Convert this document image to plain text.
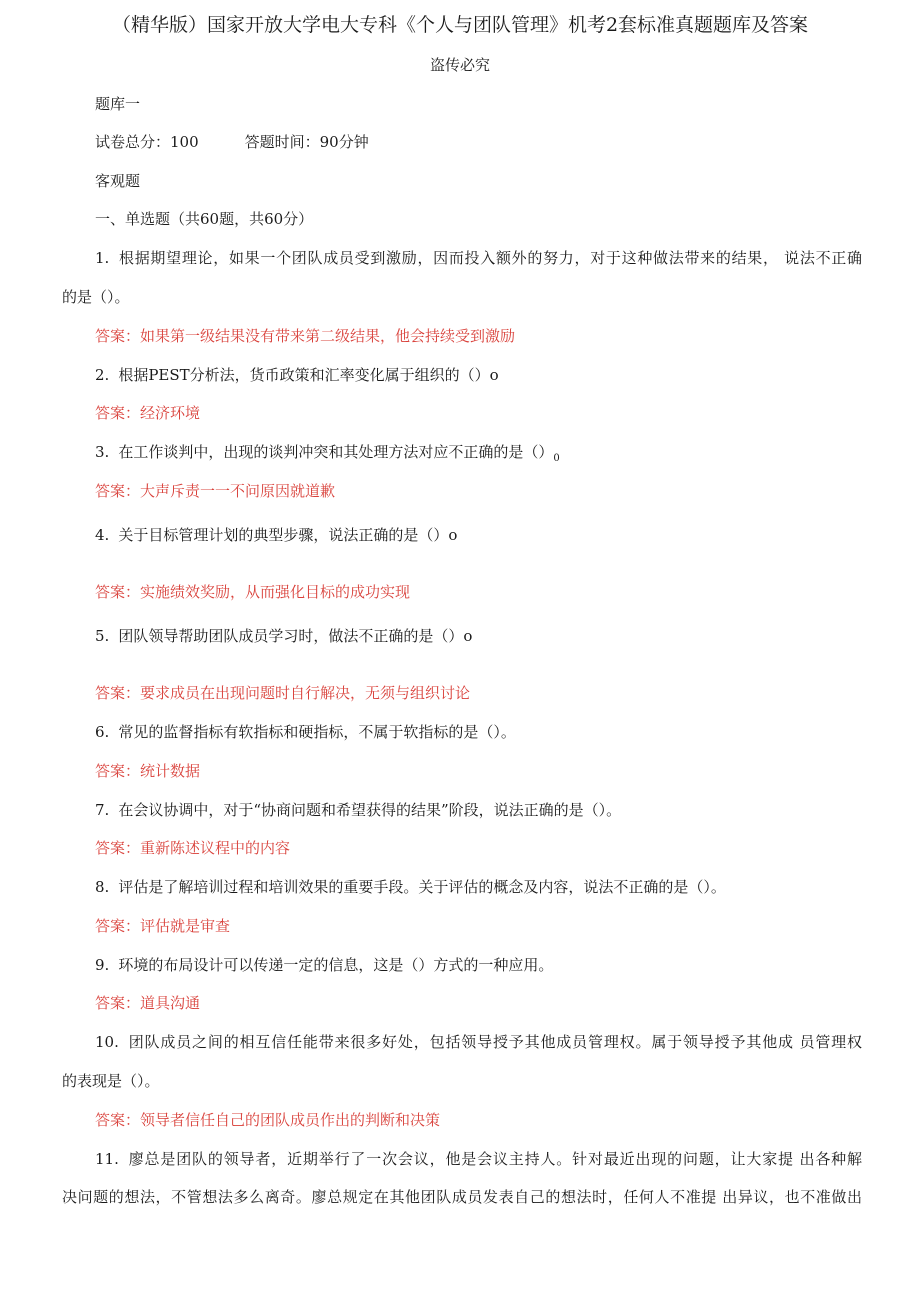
（精华版）国家开放大学电大专科《个人与团队管理》机考2套标准真题题库及答案
盗传必究
题库一
试卷总分：100	答题时间：90分钟
客观题
一、单选题（共60题，共60分）
1. 根据期望理论，如果一个团队成员受到激励，因而投入额外的努力，对于这种做法带来的结果， 说法不正确
的是（）。
答案：如果第一级结果没有带来第二级结果，他会持续受到激励
2. 根据PEST分析法，货币政策和汇率变化属于组织的（）o
答案：经济环境
3. 在工作谈判中，出现的谈判冲突和其处理方法对应不正确的是$()_0$
答案：大声斥责一一不问原因就道歉
4. 关于目标管理计划的典型步骤，说法正确的是（）o
答案：实施绩效奖励，从而强化目标的成功实现
5. 团队领导帮助团队成员学习时，做法不正确的是（）o
答案：要求成员在出现问题时自行解决，无须与组织讨论
6. 常见的监督指标有软指标和硬指标，不属于软指标的是（）。
答案：统计数据
7. 在会议协调中，对于“协商问题和希望获得的结果”阶段，说法正确的是（）。
答案：重新陈述议程中的内容
8. 评估是了解培训过程和培训效果的重要手段。关于评估的概念及内容，说法不正确的是（）。
答案：评估就是审查
9. 环境的布局设计可以传递一定的信息，这是（）方式的一种应用。
答案：道具沟通
10. 团队成员之间的相互信任能带来很多好处，包括领导授予其他成员管理权。属于领导授予其他成 员管理权
的表现是（）。
答案：领导者信任自己的团队成员作出的判断和决策
11. 廖总是团队的领导者，近期举行了一次会议，他是会议主持人。针对最近出现的问题，让大家提 出各种解
决问题的想法，不管想法多么离奇。廖总规定在其他团队成员发表自己的想法时，任何人不准提 出异议，也不准做出
